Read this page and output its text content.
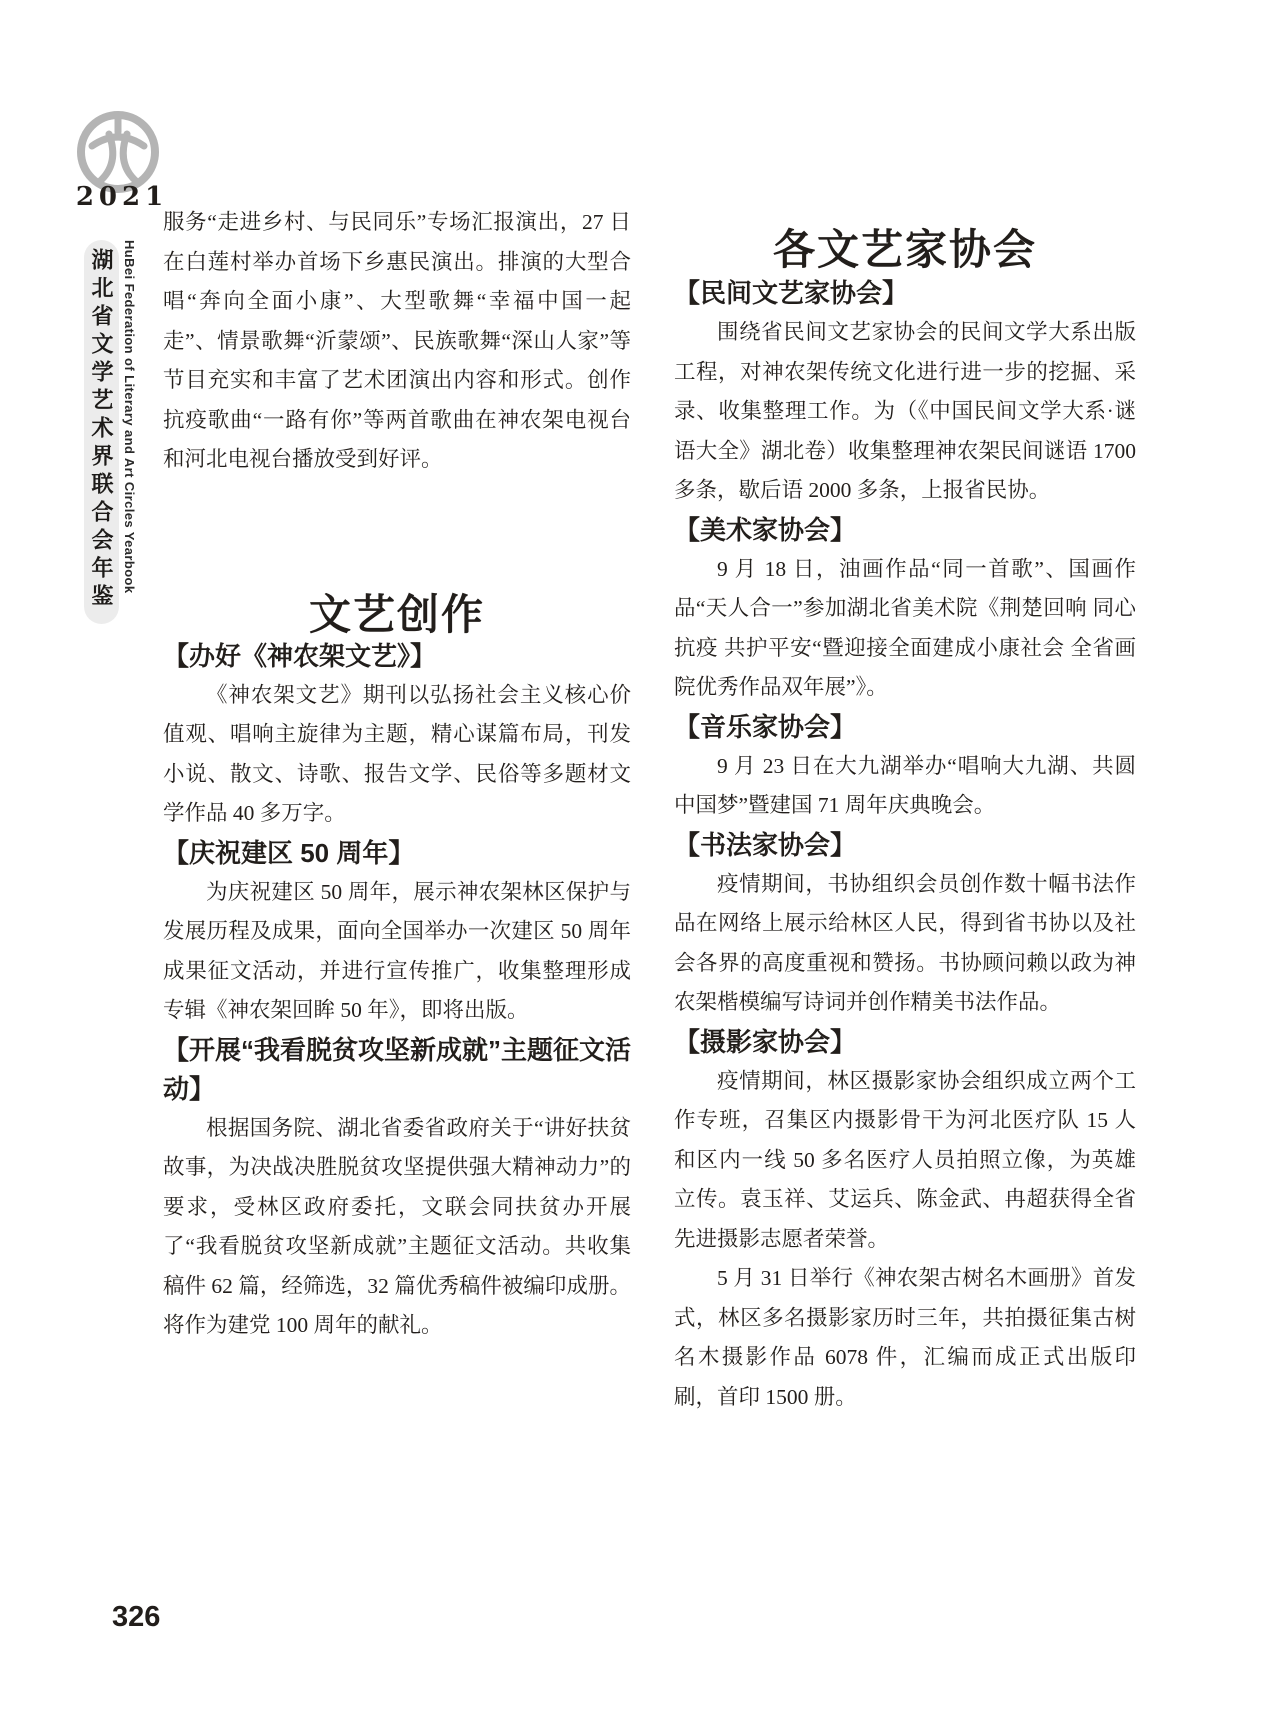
2021
湖北省文学艺术界联合会年鉴 HuBei Federation of Literary and Art Circles Yearbook

服务“走进乡村、与民同乐”专场汇报演出，27 日在白莲村举办首场下乡惠民演出。排演的大型合唱“奔向全面小康”、大型歌舞“幸福中国一起走”、情景歌舞“沂蒙颂”、民族歌舞“深山人家”等节目充实和丰富了艺术团演出内容和形式。创作抗疫歌曲“一路有你”等两首歌曲在神农架电视台和河北电视台播放受到好评。

文艺创作
【办好《神农架文艺》】

《神农架文艺》期刊以弘扬社会主义核心价值观、唱响主旋律为主题，精心谋篇布局，刊发小说、散文、诗歌、报告文学、民俗等多题材文学作品 40 多万字。

【庆祝建区 50 周年】

为庆祝建区 50 周年，展示神农架林区保护与发展历程及成果，面向全国举办一次建区 50 周年成果征文活动，并进行宣传推广，收集整理形成专辑《神农架回眸 50 年》，即将出版。

【开展“我看脱贫攻坚新成就”主题征文活动】

根据国务院、湖北省委省政府关于“讲好扶贫故事，为决战决胜脱贫攻坚提供强大精神动力”的要求，受林区政府委托，文联会同扶贫办开展了“我看脱贫攻坚新成就”主题征文活动。共收集稿件 62 篇，经筛选，32 篇优秀稿件被编印成册。将作为建党 100 周年的献礼。

各文艺家协会
【民间文艺家协会】

围绕省民间文艺家协会的民间文学大系出版工程，对神农架传统文化进行进一步的挖掘、采录、收集整理工作。为（《中国民间文学大系·谜语大全》湖北卷）收集整理神农架民间谜语 1700 多条，歇后语 2000 多条，上报省民协。

【美术家协会】

9 月 18 日，油画作品“同一首歌”、国画作品“天人合一”参加湖北省美术院《荆楚回响 同心抗疫 共护平安“暨迎接全面建成小康社会 全省画院优秀作品双年展”》。

【音乐家协会】

9 月 23 日在大九湖举办“唱响大九湖、共圆中国梦”暨建国 71 周年庆典晚会。

【书法家协会】

疫情期间，书协组织会员创作数十幅书法作品在网络上展示给林区人民，得到省书协以及社会各界的高度重视和赞扬。书协顾问赖以政为神农架楷模编写诗词并创作精美书法作品。

【摄影家协会】

疫情期间，林区摄影家协会组织成立两个工作专班，召集区内摄影骨干为河北医疗队 15 人和区内一线 50 多名医疗人员拍照立像，为英雄立传。袁玉祥、艾运兵、陈金武、冉超获得全省先进摄影志愿者荣誉。

5 月 31 日举行《神农架古树名木画册》首发式，林区多名摄影家历时三年，共拍摄征集古树名木摄影作品 6078 件，汇编而成正式出版印刷，首印 1500 册。

326
